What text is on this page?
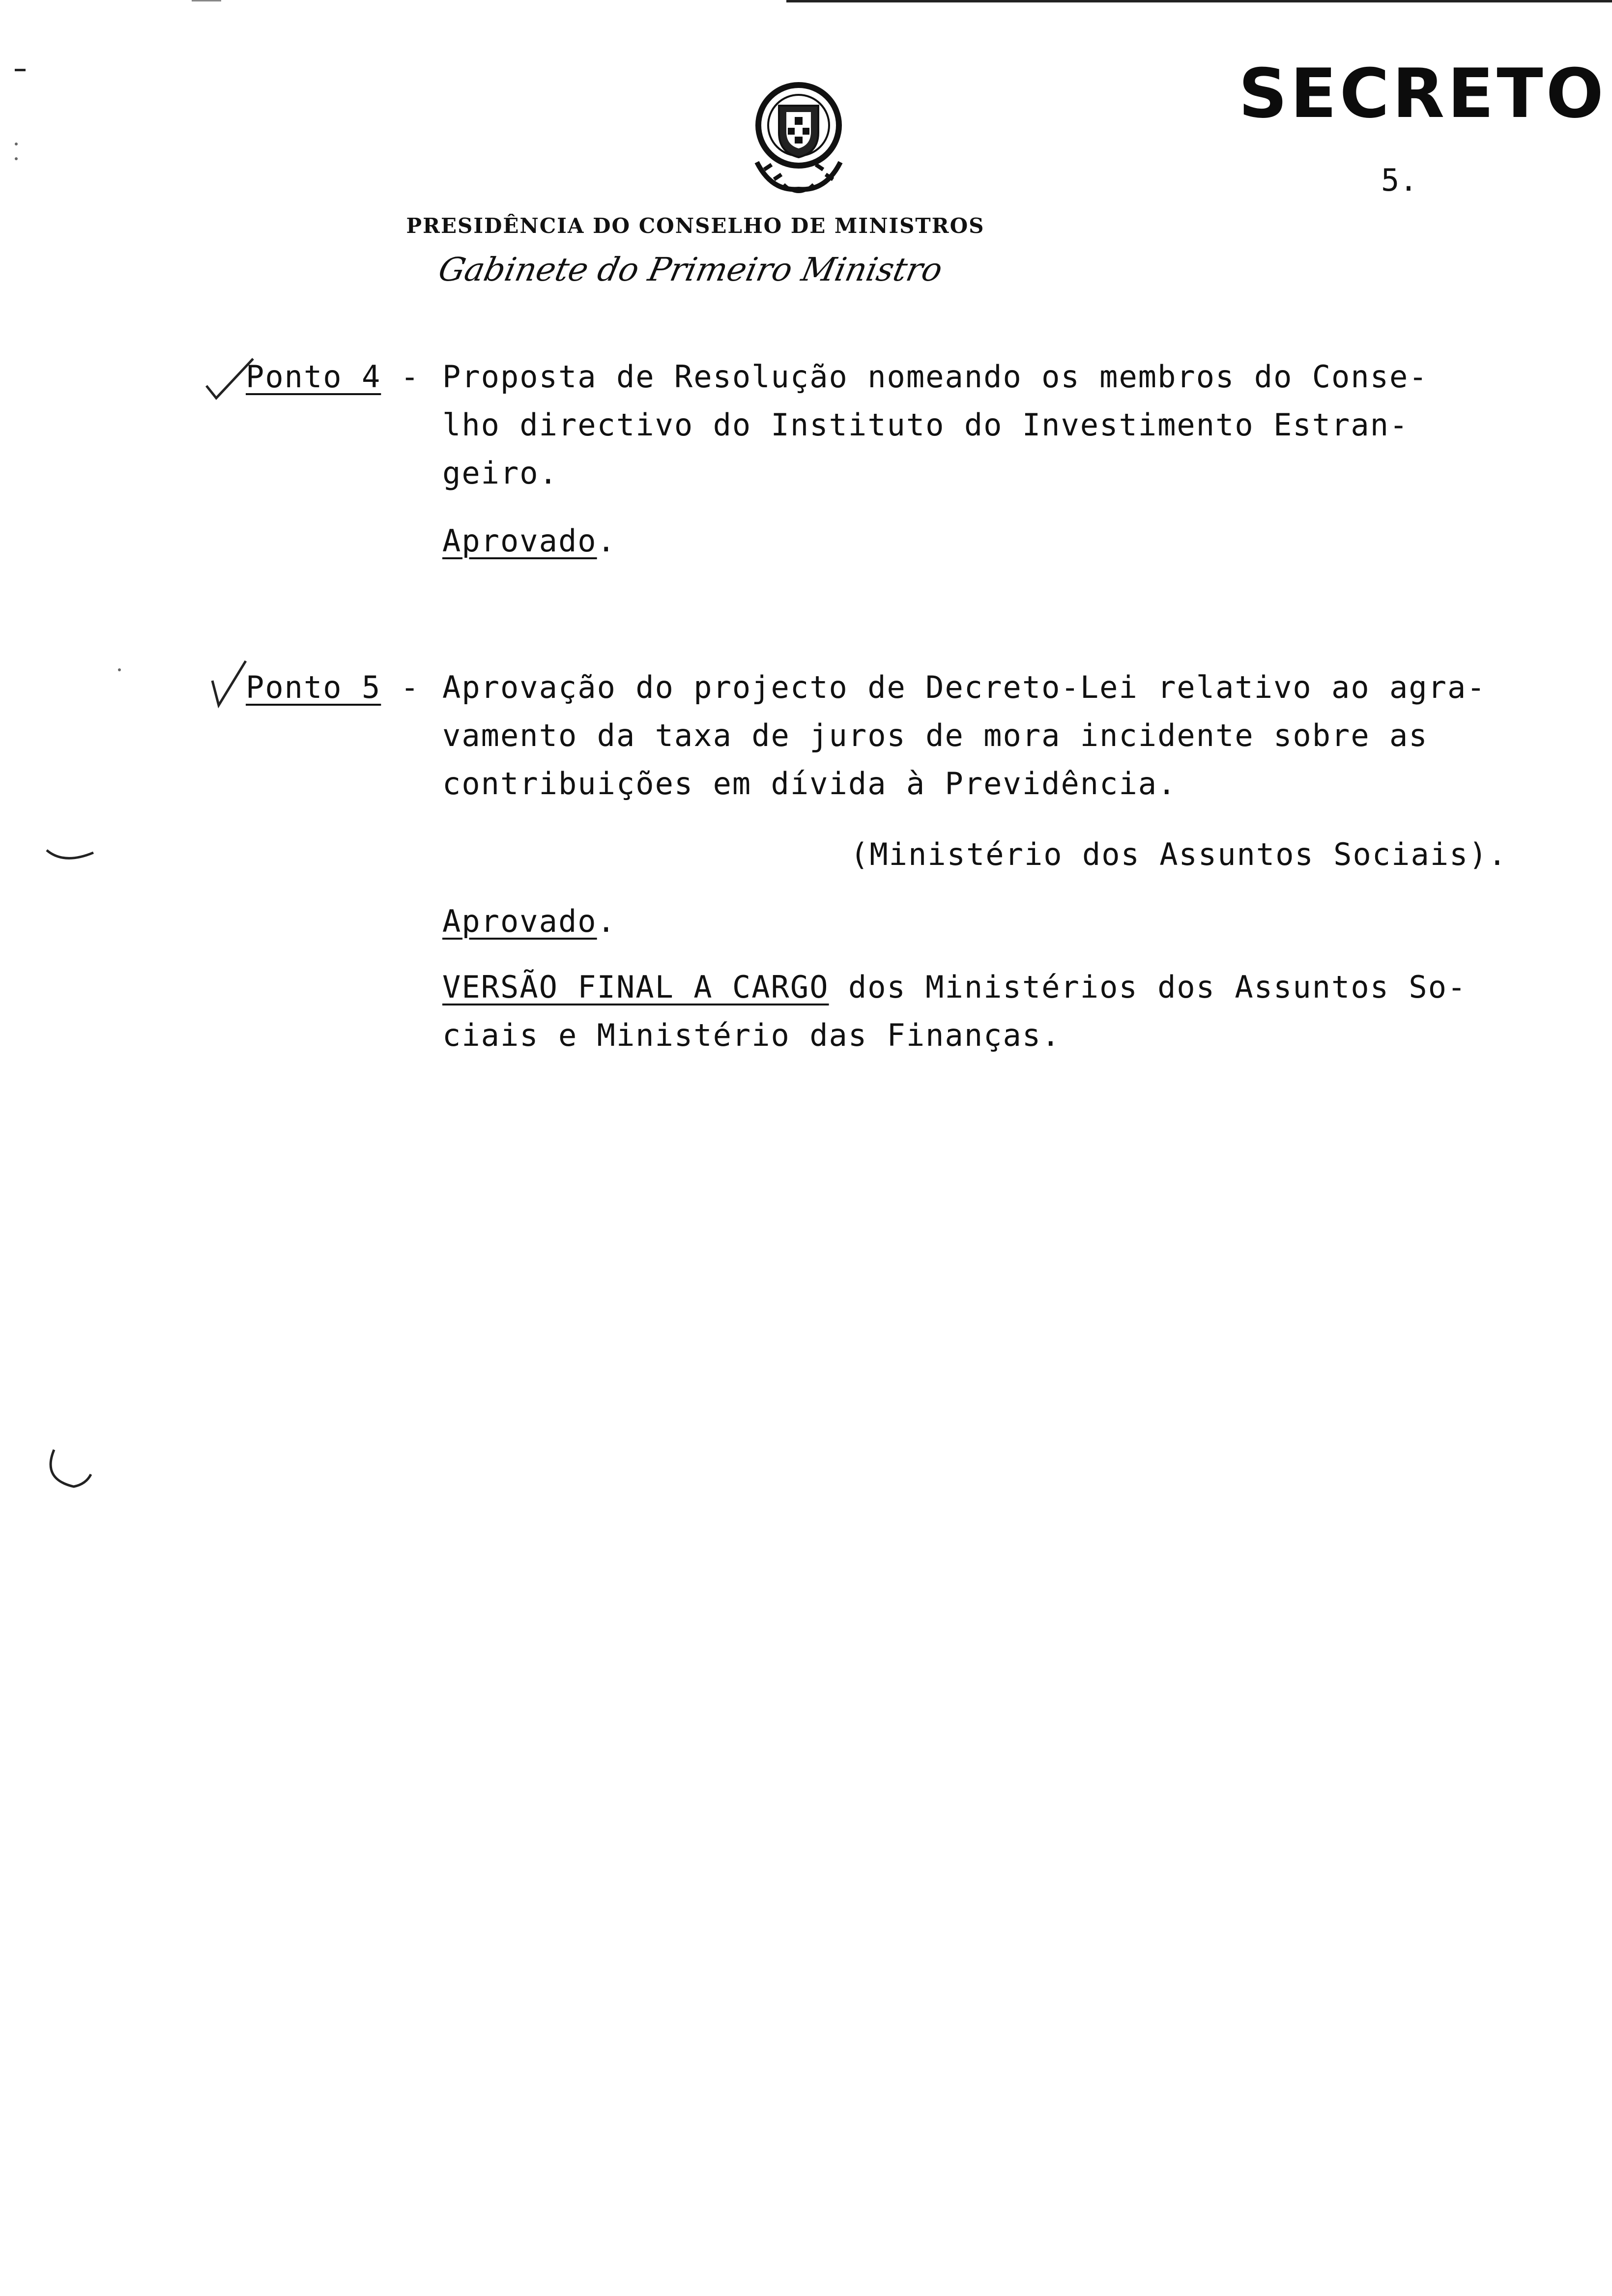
SECRETO
5.
PRESIDÊNCIA DO CONSELHO DE MINISTROS
Gabinete do Primeiro Ministro
Ponto 4 - Proposta de Resolução nomeando os membros do Conse-
lho directivo do Instituto do Investimento Estran-
geiro.
Aprovado.
Ponto 5 - Aprovação do projecto de Decreto-Lei relativo ao agra-
vamento da taxa de juros de mora incidente sobre as
contribuições em dívida à Previdência.
(Ministério dos Assuntos Sociais).
Aprovado.
VERSÃO FINAL A CARGO dos Ministérios dos Assuntos So-
ciais e Ministério das Finanças.
